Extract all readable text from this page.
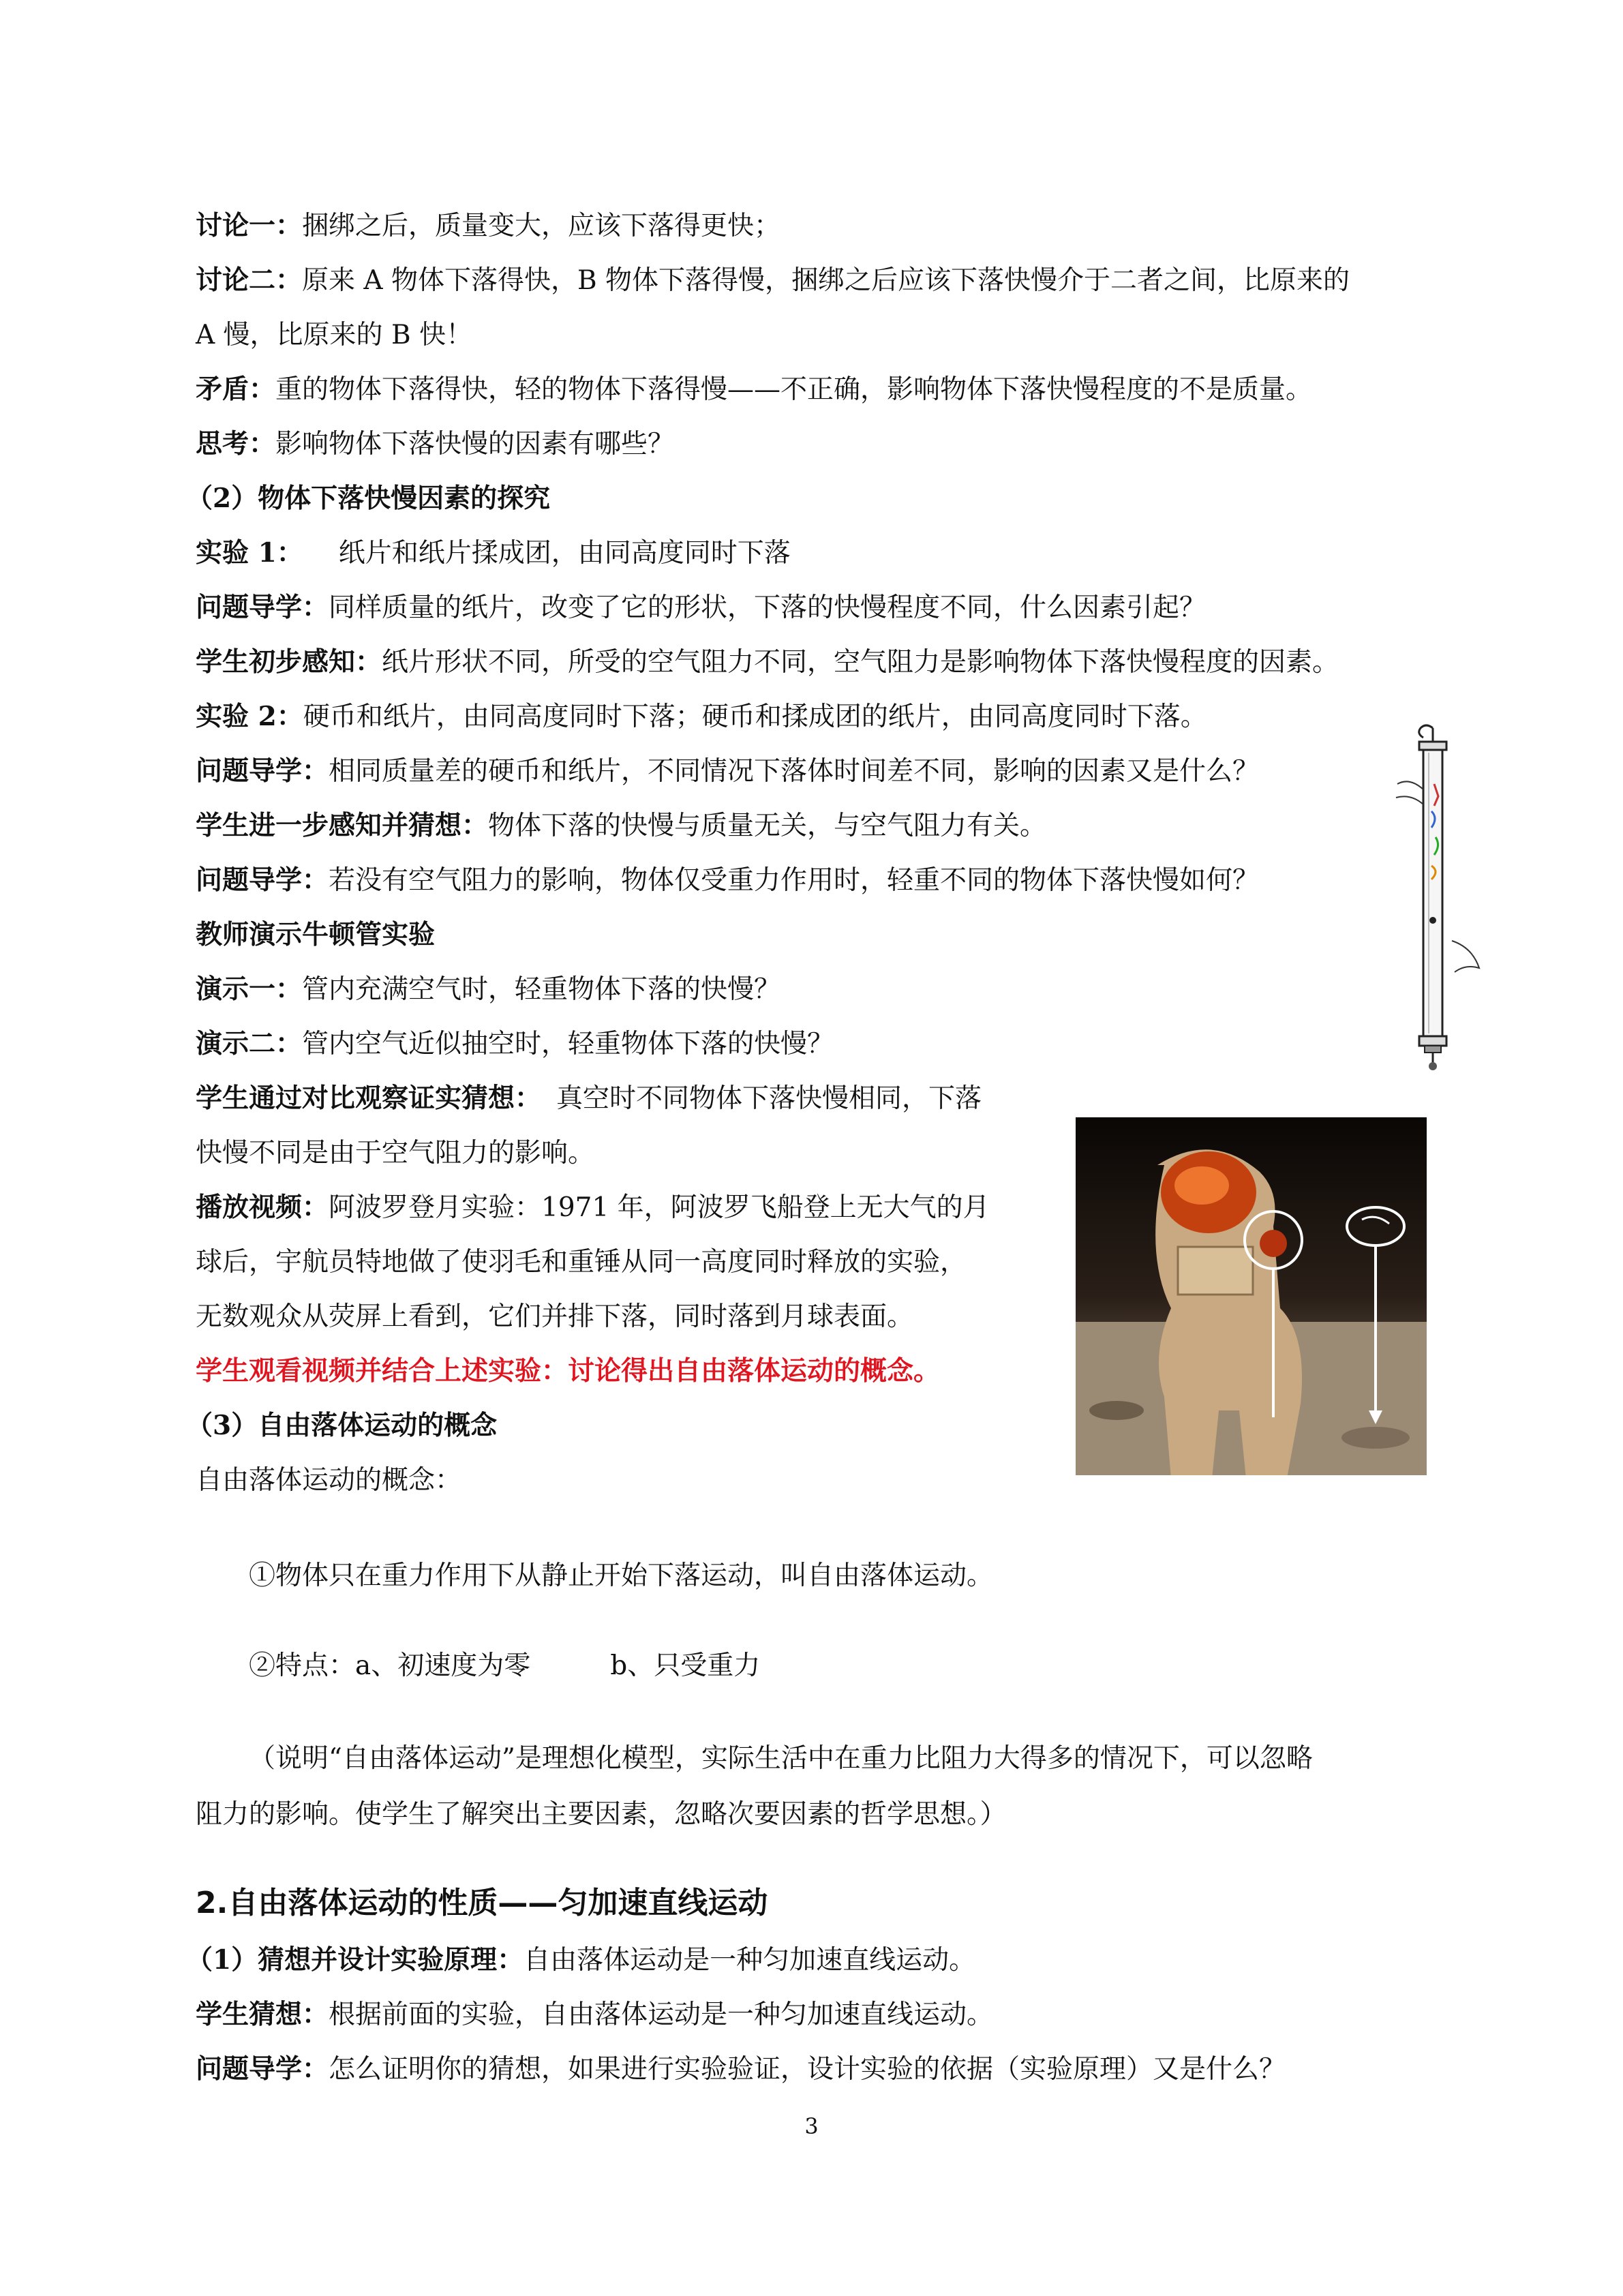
讨论一：捆绑之后，质量变大，应该下落得更快；
讨论二：原来 A 物体下落得快，B 物体下落得慢，捆绑之后应该下落快慢介于二者之间，比原来的
A 慢，比原来的 B 快！
矛盾：重的物体下落得快，轻的物体下落得慢——不正确，影响物体下落快慢程度的不是质量。
思考：影响物体下落快慢的因素有哪些？
（2）物体下落快慢因素的探究
实验 1： 纸片和纸片揉成团，由同高度同时下落
问题导学：同样质量的纸片，改变了它的形状，下落的快慢程度不同，什么因素引起？
学生初步感知：纸片形状不同，所受的空气阻力不同，空气阻力是影响物体下落快慢程度的因素。
实验 2：硬币和纸片，由同高度同时下落；硬币和揉成团的纸片，由同高度同时下落。
问题导学：相同质量差的硬币和纸片，不同情况下落体时间差不同，影响的因素又是什么？
学生进一步感知并猜想：物体下落的快慢与质量无关，与空气阻力有关。
问题导学：若没有空气阻力的影响，物体仅受重力作用时，轻重不同的物体下落快慢如何？
教师演示牛顿管实验
演示一：管内充满空气时，轻重物体下落的快慢？
演示二：管内空气近似抽空时，轻重物体下落的快慢？
学生通过对比观察证实猜想： 真空时不同物体下落快慢相同，下落
快慢不同是由于空气阻力的影响。
播放视频：阿波罗登月实验：1971 年，阿波罗飞船登上无大气的月
球后，宇航员特地做了使羽毛和重锤从同一高度同时释放的实验，
无数观众从荧屏上看到，它们并排下落，同时落到月球表面。
学生观看视频并结合上述实验：讨论得出自由落体运动的概念。
（3）自由落体运动的概念
自由落体运动的概念：
①物体只在重力作用下从静止开始下落运动，叫自由落体运动。
②特点：a、初速度为零　　　b、只受重力
（说明“自由落体运动”是理想化模型，实际生活中在重力比阻力大得多的情况下，可以忽略
阻力的影响。使学生了解突出主要因素，忽略次要因素的哲学思想。）
2.自由落体运动的性质——匀加速直线运动
（1）猜想并设计实验原理：自由落体运动是一种匀加速直线运动。
学生猜想：根据前面的实验，自由落体运动是一种匀加速直线运动。
问题导学：怎么证明你的猜想，如果进行实验验证，设计实验的依据（实验原理）又是什么？
3
